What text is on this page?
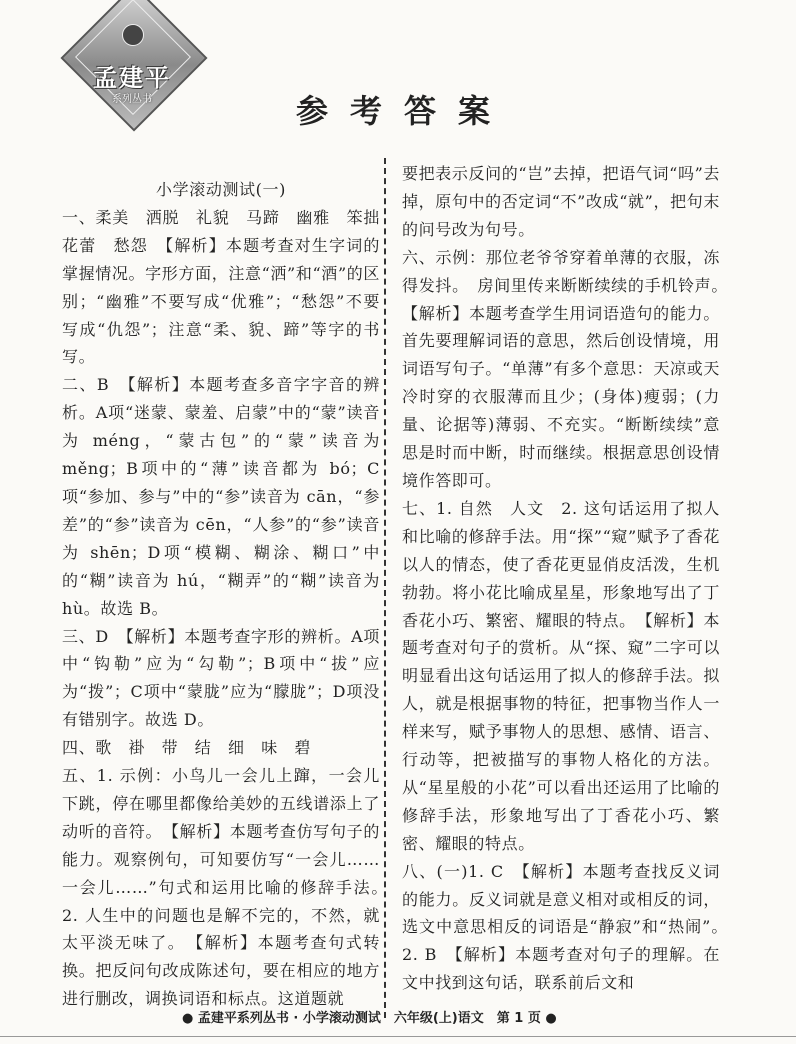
孟建平
系列丛书	参考答案

小学滚动测试(一)

一、柔美　洒脱　礼貌　马蹄　幽雅　笨拙　花蕾　愁怨　【解析】本题考查对生字词的掌握情况。字形方面，注意“洒”和“酒”的区别；“幽雅”不要写成“优雅”；“愁怨”不要写成“仇怨”；注意“柔、貌、蹄”等字的书写。

二、B　【解析】本题考查多音字字音的辨析。A项“迷蒙、蒙羞、启蒙”中的“蒙”读音为 méng，“蒙古包”的“蒙”读音为 měng；B项中的“薄”读音都为 bó；C项“参加、参与”中的“参”读音为 cān，“参差”的“参”读音为 cēn，“人参”的“参”读音为 shēn；D项“模糊、糊涂、糊口”中的“糊”读音为 hú，“糊弄”的“糊”读音为 hù。故选 B。

三、D　【解析】本题考查字形的辨析。A项中“钩勒”应为“勾勒”；B项中“拔”应为“拨”；C项中“蒙胧”应为“朦胧”；D项没有错别字。故选 D。

四、歌　褂　带　结　细　味　碧

五、1. 示例：小鸟儿一会儿上蹿，一会儿下跳，停在哪里都像给美妙的五线谱添上了动听的音符。　【解析】本题考查仿写句子的能力。观察例句，可知要仿写“一会儿……一会儿……”句式和运用比喻的修辞手法。　2. 人生中的问题也是解不完的，不然，就太平淡无味了。　【解析】本题考查句式转换。把反问句改成陈述句，要在相应的地方进行删改，调换词语和标点。这道题就

要把表示反问的“岂”去掉，把语气词“吗”去掉，原句中的否定词“不”改成“就”，把句末的问号改为句号。

六、示例：那位老爷爷穿着单薄的衣服，冻得发抖。　房间里传来断断续续的手机铃声。　【解析】本题考查学生用词语造句的能力。首先要理解词语的意思，然后创设情境，用词语写句子。“单薄”有多个意思：天凉或天冷时穿的衣服薄而且少；(身体)瘦弱；(力量、论据等)薄弱、不充实。“断断续续”意思是时而中断，时而继续。根据意思创设情境作答即可。

七、1. 自然　人文　2. 这句话运用了拟人和比喻的修辞手法。用“探”“窥”赋予了香花以人的情态，使了香花更显俏皮活泼，生机勃勃。将小花比喻成星星，形象地写出了丁香花小巧、繁密、耀眼的特点。　【解析】本题考查对句子的赏析。从“探、窥”二字可以明显看出这句话运用了拟人的修辞手法。拟人，就是根据事物的特征，把事物当作人一样来写，赋予事物人的思想、感情、语言、行动等，把被描写的事物人格化的方法。从“星星般的小花”可以看出还运用了比喻的修辞手法，形象地写出了丁香花小巧、繁密、耀眼的特点。

八、(一)1. C　【解析】本题考查找反义词的能力。反义词就是意义相对或相反的词，选文中意思相反的词语是“静寂”和“热闹”。　2. B　【解析】本题考查对句子的理解。在文中找到这句话，联系前后文和

● 孟建平系列丛书 · 小学滚动测试　六年级(上)语文　第 1 页 ●
